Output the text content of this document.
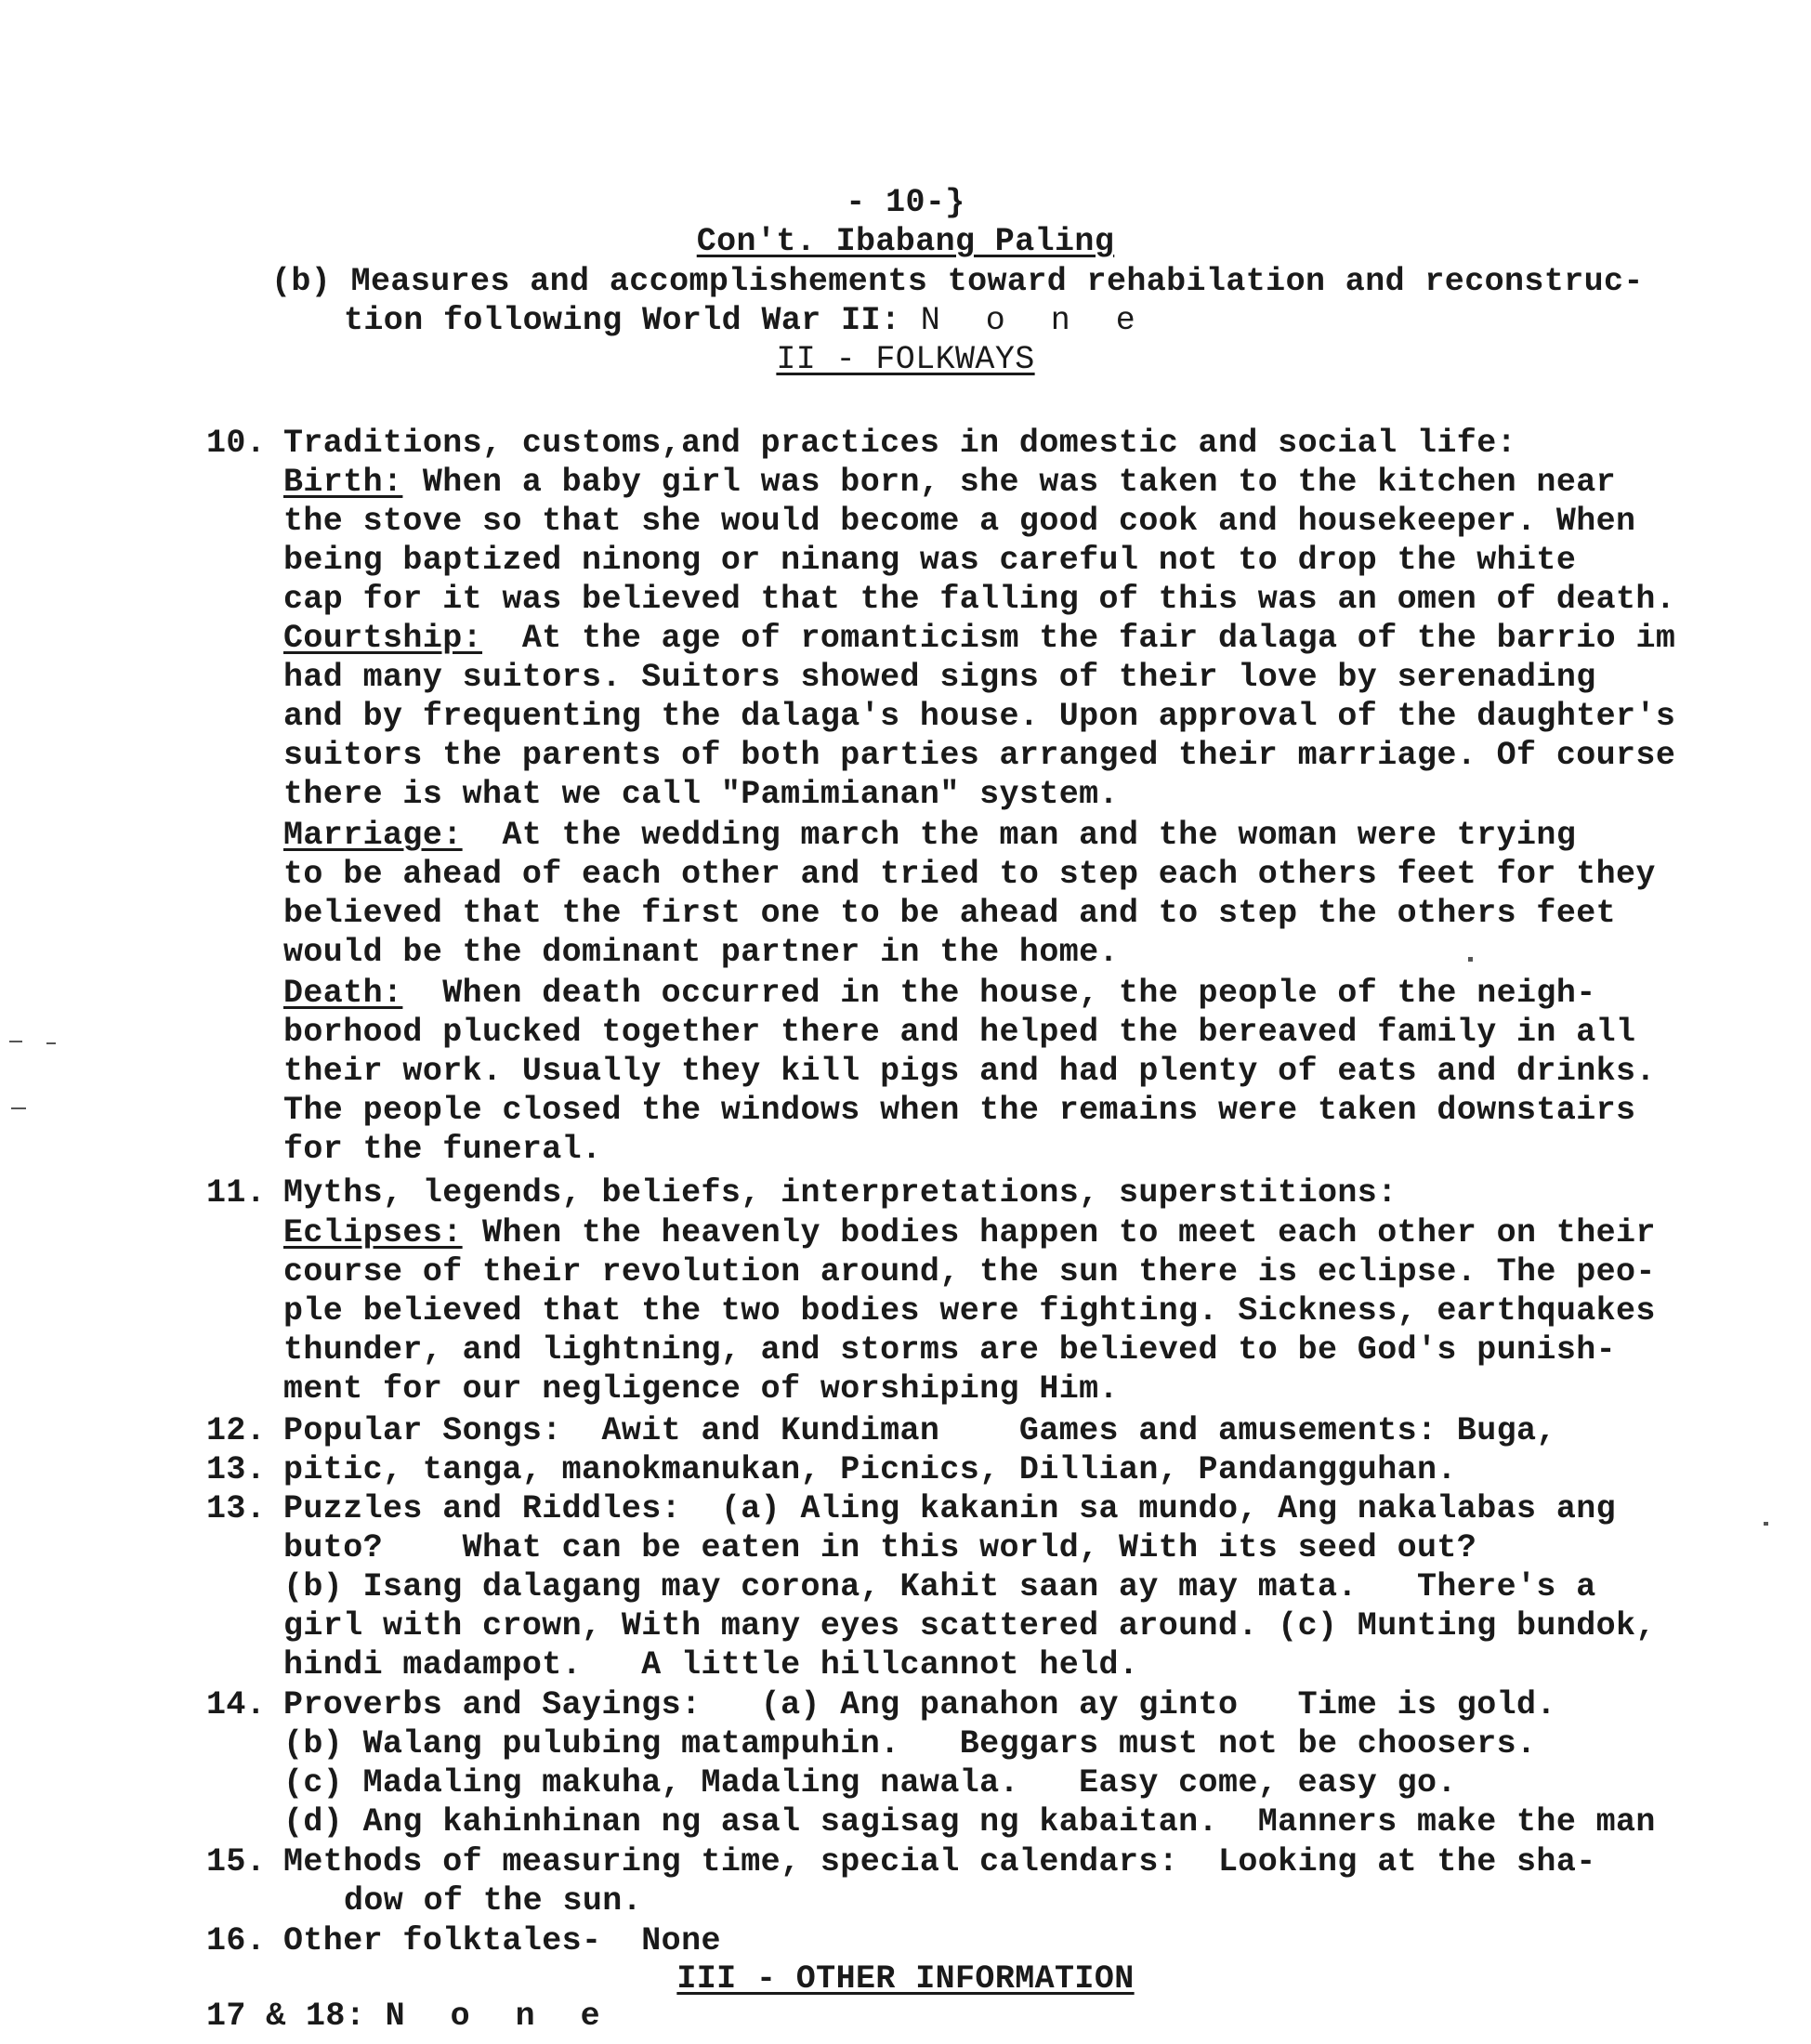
- 10-}
Con't. Ibabang Paling
(b) Measures and accomplishements toward rehabilation and reconstruc-
tion following World War II: N o n e
II - FOLKWAYS
10. Traditions, customs,and practices in domestic and social life:
Birth: When a baby girl was born, she was taken to the kitchen near
the stove so that she would become a good cook and housekeeper. When
being baptized ninong or ninang was careful not to drop the white
cap for it was believed that the falling of this was an omen of death.
Courtship:  At the age of romanticism the fair dalaga of the barrio im
had many suitors. Suitors showed signs of their love by serenading
and by frequenting the dalaga's house. Upon approval of the daughter's
suitors the parents of both parties arranged their marriage. Of course
there is what we call "Pamimianan" system.
Marriage:  At the wedding march the man and the woman were trying
to be ahead of each other and tried to step each others feet for they
believed that the first one to be ahead and to step the others feet
would be the dominant partner in the home.
Death:  When death occurred in the house, the people of the neigh-
borhood plucked together there and helped the bereaved family in all
their work. Usually they kill pigs and had plenty of eats and drinks.
The people closed the windows when the remains were taken downstairs
for the funeral.
11. Myths, legends, beliefs, interpretations, superstitions:
Eclipses: When the heavenly bodies happen to meet each other on their
course of their revolution around, the sun there is eclipse. The peo-
ple believed that the two bodies were fighting. Sickness, earthquakes
thunder, and lightning, and storms are believed to be God's punish-
ment for our negligence of worshiping Him.
12. Popular Songs:  Awit and Kundiman    Games and amusements: Buga,
13. pitic, tanga, manokmanukan, Picnics, Dillian, Pandangguhan.
13. Puzzles and Riddles:  (a) Aling kakanin sa mundo, Ang nakalabas ang
buto?    What can be eaten in this world, With its seed out?
(b) Isang dalagang may corona, Kahit saan ay may mata.   There's a
girl with crown, With many eyes scattered around. (c) Munting bundok,
hindi madampot.   A little hillcannot held.
14. Proverbs and Sayings:   (a) Ang panahon ay ginto   Time is gold.
(b) Walang pulubing matampuhin.   Beggars must not be choosers.
(c) Madaling makuha, Madaling nawala.   Easy come, easy go.
(d) Ang kahinhinan ng asal sagisag ng kabaitan.  Manners make the man
15. Methods of measuring time, special calendars:  Looking at the sha-
dow of the sun.
16. Other folktales-  None
III - OTHER INFORMATION
17 & 18: N o n e
